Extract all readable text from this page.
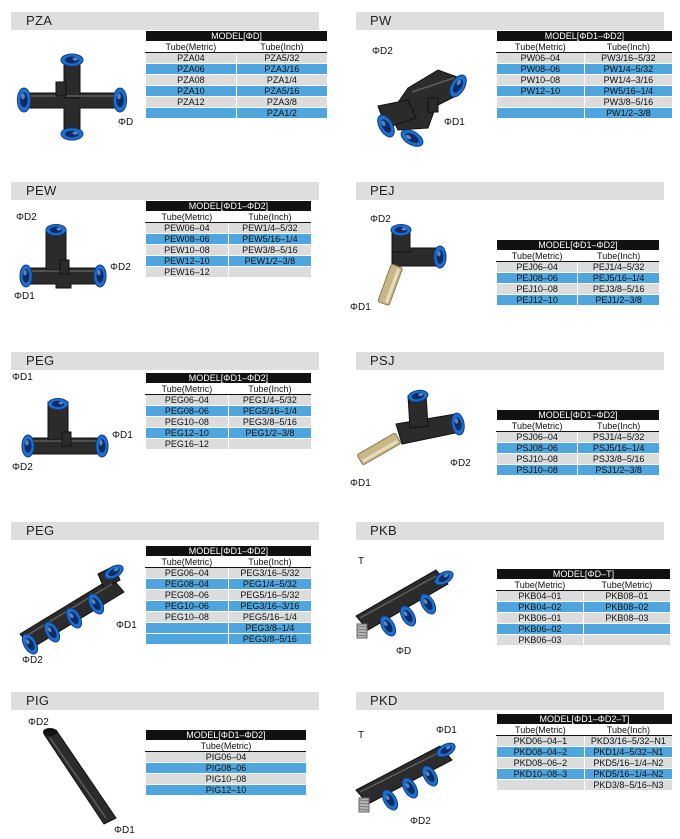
PZA
ΦD
MODEL[ΦD]	
Tube(Metric)	Tube(Inch)
PZA04	PZA5/32
PZA06	PZA3/16
PZA08	PZA1/4
PZA10	PZA5/16
PZA12	PZA3/8
	PZA1/2
PW
ΦD2
ΦD1
MODEL[ΦD1–ΦD2]	
Tube(Metric)	Tube(Inch)
PW06–04	PW3/16–5/32
PW08–06	PW1/4–5/32
PW10–08	PW1/4–3/16
PW12–10	PW5/16–1/4
	PW3/8–5/16
	PW1/2–3/8
PEW
ΦD2
ΦD2
ΦD1
MODEL[ΦD1–ΦD2]	
Tube(Metric)	Tube(Inch)
PEW06–04	PEW1/4–5/32
PEW08–06	PEW5/16–1/4
PEW10–08	PEW3/8–5/16
PEW12–10	PEW1/2–3/8
PEW16–12	
PEJ
ΦD2
ΦD1
MODEL[ΦD1–ΦD2]	
Tube(Metric)	Tube(Inch)
PEJ06–04	PEJ1/4–5/32
PEJ08–06	PEJ5/16–1/4
PEJ10–08	PEJ3/8–5/16
PEJ12–10	PEJ1/2–3/8
PEG
ΦD1
ΦD1
ΦD2
MODEL[ΦD1–ΦD2]	
Tube(Metric)	Tube(Inch)
PEG06–04	PEG1/4–5/32
PEG08–06	PEG5/16–1/4
PEG10–08	PEG3/8–5/16
PEG12–10	PEG1/2–3/8
PEG16–12	
PSJ
ΦD2
ΦD1
MODEL[ΦD1–ΦD2]	
Tube(Metric)	Tube(Inch)
PSJ06–04	PSJ1/4–5/32
PSJ08–06	PSJ5/16–1/4
PSJ10–08	PSJ3/8–5/16
PSJ10–08	PSJ1/2–3/8
PEG
ΦD1
ΦD2
MODEL[ΦD1–ΦD2]	
Tube(Metric)	Tube(Inch)
PEG06–04	PEG3/16–5/32
PEG08–04	PEG1/4–5/32
PEG08–06	PEG5/16–5/32
PEG10–06	PEG3/16–3/16
PEG10–08	PEG5/16–1/4
	PEG3/8–1/4
	PEG3/8–5/16
PKB
T
ΦD
MODEL[ΦD–T]	
Tube(Metric)	Tube(Metric)
PKB04–01	PKB08–01
PKB04–02	PKB08–02
PKB06–01	PKB08–03
PKB06–02	
PKB06–03	
PIG
ΦD2
ΦD1
MODEL[ΦD1–ΦD2]
Tube(Metric)
PIG06–04
PIG08–06
PIG10–08
PIG12–10
PKD
T	ΦD1
ΦD2
MODEL[ΦD1–ΦD2–T]	
Tube(Metric)	Tube(Inch)
PKD06–04–1	PKD3/16–5/32–N1
PKD08–04–2	PKD1/4–5/32–N1
PKD08–06–2	PKD5/16–1/4–N2
PKD10–08–3	PKD5/16–1/4–N2
	PKD3/8–5/16–N3
